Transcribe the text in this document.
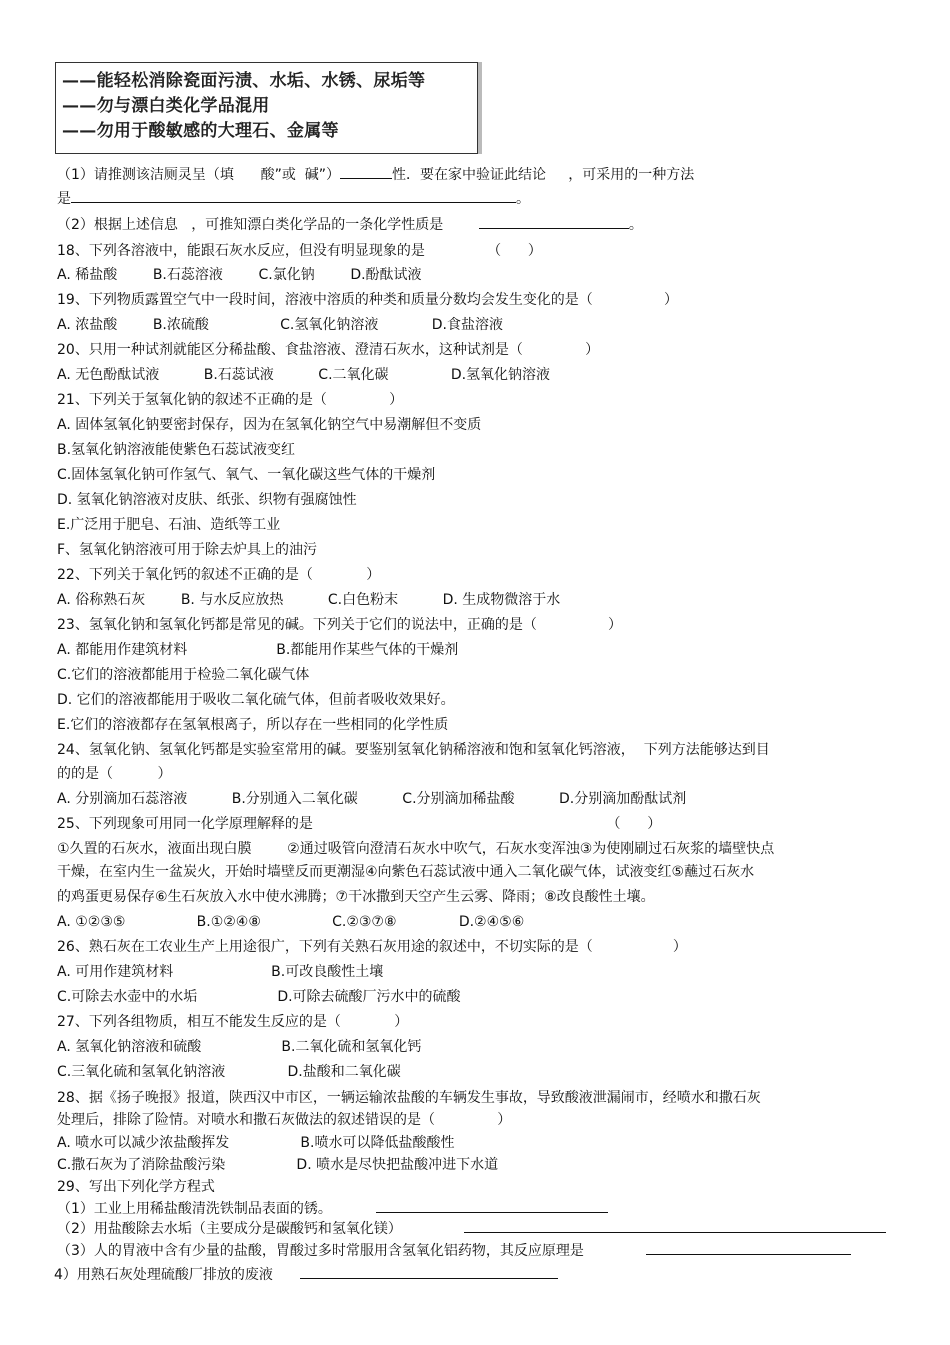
——能轻松消除瓷面污渍、水垢、水锈、尿垢等
——勿与漂白类化学品混用
——勿用于酸敏感的大理石、金属等
（1）请推测该洁厕灵呈（填      酸”或  碱”）	性．要在家中验证此结论     ，可采用的一种方法
是	。
（2）根据上述信息   ，可推知漂白类化学品的一条化学性质是	。
18、下列各溶液中，能跟石灰水反应，但没有明显现象的是              （      ）
A. 稀盐酸        B.石蕊溶液        C.氯化钠        D.酚酞试液
19、下列物质露置空气中一段时间，溶液中溶质的种类和质量分数均会发生变化的是（                ）
A. 浓盐酸        B.浓硫酸                C.氢氧化钠溶液            D.食盐溶液
20、只用一种试剂就能区分稀盐酸、食盐溶液、澄清石灰水，这种试剂是（              ）
A. 无色酚酞试液          B.石蕊试液          C.二氧化碳              D.氢氧化钠溶液
21、下列关于氢氧化钠的叙述不正确的是（              ）
A. 固体氢氧化钠要密封保存，因为在氢氧化钠空气中易潮解但不变质
B.氢氧化钠溶液能使紫色石蕊试液变红
C.固体氢氧化钠可作氢气、氧气、一氧化碳这些气体的干燥剂
D. 氢氧化钠溶液对皮肤、纸张、织物有强腐蚀性
E.广泛用于肥皂、石油、造纸等工业
F、氢氧化钠溶液可用于除去炉具上的油污
22、下列关于氧化钙的叙述不正确的是（            ）
A. 俗称熟石灰        B. 与水反应放热          C.白色粉末          D. 生成物微溶于水
23、氢氧化钠和氢氧化钙都是常见的碱。下列关于它们的说法中，正确的是（                ）
A. 都能用作建筑材料                    B.都能用作某些气体的干燥剂
C.它们的溶液都能用于检验二氧化碳气体
D. 它们的溶液都能用于吸收二氧化硫气体，但前者吸收效果好。
E.它们的溶液都存在氢氧根离子，所以存在一些相同的化学性质
24、氢氧化钠、氢氧化钙都是实验室常用的碱。要鉴别氢氧化钠稀溶液和饱和氢氧化钙溶液，  下列方法能够达到目
的的是（          ）
A. 分别滴加石蕊溶液          B.分别通入二氧化碳          C.分别滴加稀盐酸          D.分别滴加酚酞试剂
25、下列现象可用同一化学原理解释的是                                                                  （      ）
①久置的石灰水，液面出现白膜        ②通过吸管向澄清石灰水中吹气，石灰水变浑浊③为使刚刷过石灰浆的墙壁快点
干燥，在室内生一盆炭火，开始时墙壁反而更潮湿④向紫色石蕊试液中通入二氧化碳气体，试液变红⑤蘸过石灰水
的鸡蛋更易保存⑥生石灰放入水中使水沸腾；⑦干冰撒到天空产生云雾、降雨；⑧改良酸性土壤。
A. ①②③⑤                B.①②④⑧                C.②③⑦⑧              D.②④⑤⑥
26、熟石灰在工农业生产上用途很广，下列有关熟石灰用途的叙述中，不切实际的是（                  ）
A. 可用作建筑材料                      B.可改良酸性土壤
C.可除去水壶中的水垢                  D.可除去硫酸厂污水中的硫酸
27、下列各组物质，相互不能发生反应的是（            ）
A. 氢氧化钠溶液和硫酸                  B.二氧化硫和氢氧化钙
C.三氧化硫和氢氧化钠溶液              D.盐酸和二氧化碳
28、据《扬子晚报》报道，陕西汉中市区，一辆运输浓盐酸的车辆发生事故，导致酸液泄漏闹市，经喷水和撒石灰
处理后，排除了险情。对喷水和撒石灰做法的叙述错误的是（              ）
A. 喷水可以减少浓盐酸挥发                B.喷水可以降低盐酸酸性
C.撒石灰为了消除盐酸污染                D. 喷水是尽快把盐酸冲进下水道
29、写出下列化学方程式
（1）工业上用稀盐酸清洗铁制品表面的锈。
（2）用盐酸除去水垢（主要成分是碳酸钙和氢氧化镁）
（3）人的胃液中含有少量的盐酸，胃酸过多时常服用含氢氧化铝药物，其反应原理是
4）用熟石灰处理硫酸厂排放的废液
